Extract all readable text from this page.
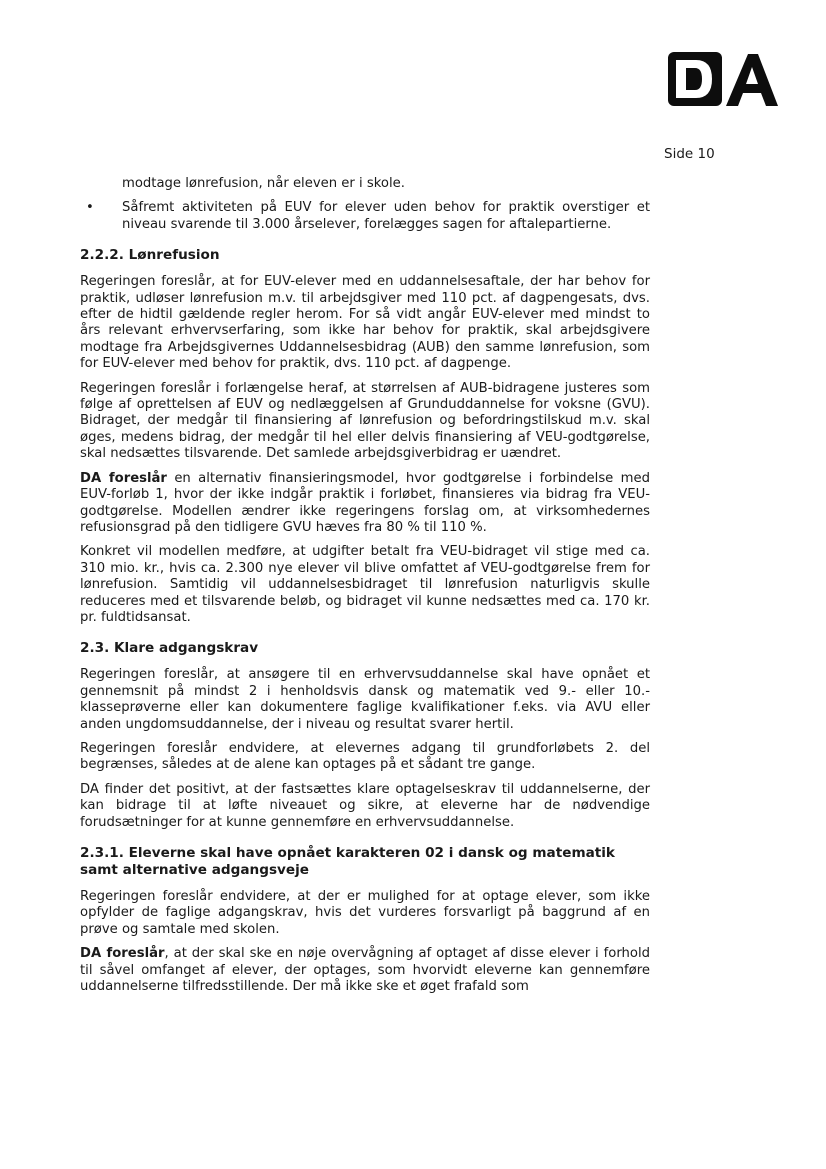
Side 10

modtage lønrefusion, når eleven er i skole.

•	Såfremt aktiviteten på EUV for elever uden behov for praktik overstiger et niveau svarende til 3.000 årselever, forelægges sagen for aftalepartierne.
2.2.2. Lønrefusion

Regeringen foreslår, at for EUV-elever med en uddannelsesaftale, der har behov for praktik, udløser lønrefusion m.v. til arbejdsgiver med 110 pct. af dagpengesats, dvs. efter de hidtil gældende regler herom. For så vidt angår EUV-elever med mindst to års relevant erhvervserfaring, som ikke har behov for praktik, skal arbejdsgivere modtage fra Arbejdsgivernes Uddannelsesbidrag (AUB) den samme lønrefusion, som for EUV-elever med behov for praktik, dvs. 110 pct. af dagpenge.

Regeringen foreslår i forlængelse heraf, at størrelsen af AUB-bidragene justeres som følge af oprettelsen af EUV og nedlæggelsen af Grunduddannelse for voksne (GVU). Bidraget, der medgår til finansiering af lønrefusion og befordringstilskud m.v. skal øges, medens bidrag, der medgår til hel eller delvis finansiering af VEU-godtgørelse, skal nedsættes tilsvarende. Det samlede arbejdsgiverbidrag er uændret.

DA foreslår en alternativ finansieringsmodel, hvor godtgørelse i forbindelse med EUV-forløb 1, hvor der ikke indgår praktik i forløbet, finansieres via bidrag fra VEU-godtgørelse. Modellen ændrer ikke regeringens forslag om, at virksomhedernes refusionsgrad på den tidligere GVU hæves fra 80 % til 110 %.

Konkret vil modellen medføre, at udgifter betalt fra VEU-bidraget vil stige med ca. 310 mio. kr., hvis ca. 2.300 nye elever vil blive omfattet af VEU-godtgørelse frem for lønrefusion. Samtidig vil uddannelsesbidraget til lønrefusion naturligvis skulle reduceres med et tilsvarende beløb, og bidraget vil kunne nedsættes med ca. 170 kr. pr. fuldtidsansat.

2.3. Klare adgangskrav

Regeringen foreslår, at ansøgere til en erhvervsuddannelse skal have opnået et gennemsnit på mindst 2 i henholdsvis dansk og matematik ved 9.- eller 10.-klasseprøverne eller kan dokumentere faglige kvalifikationer f.eks. via AVU eller anden ungdomsuddannelse, der i niveau og resultat svarer hertil.

Regeringen foreslår endvidere, at elevernes adgang til grundforløbets 2. del begrænses, således at de alene kan optages på et sådant tre gange.

DA finder det positivt, at der fastsættes klare optagelseskrav til uddannelserne, der kan bidrage til at løfte niveauet og sikre, at eleverne har de nødvendige forudsætninger for at kunne gennemføre en erhvervsuddannelse.

2.3.1. Eleverne skal have opnået karakteren 02 i dansk og matematik samt alternative adgangsveje

Regeringen foreslår endvidere, at der er mulighed for at optage elever, som ikke opfylder de faglige adgangskrav, hvis det vurderes forsvarligt på baggrund af en prøve og samtale med skolen.

DA foreslår, at der skal ske en nøje overvågning af optaget af disse elever i forhold til såvel omfanget af elever, der optages, som hvorvidt eleverne kan gennemføre uddannelserne tilfredsstillende. Der må ikke ske et øget frafald som
